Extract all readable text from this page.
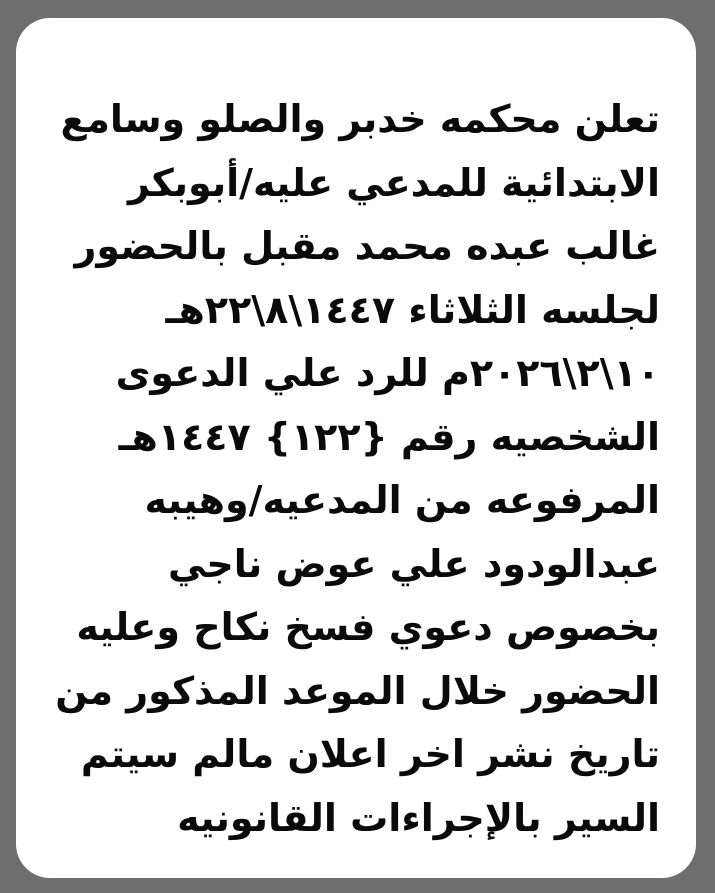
تعلن محكمه خدبر والصلو وسامع
الابتدائية للمدعي عليه/أبوبكر
غالب عبده محمد مقبل بالحضور
لجلسه الثلاثاء ١٤٤٧\٨\٢٢هـ
١٠\٢\٢٠٢٦م للرد علي الدعوى
الشخصيه رقم {١٢٢} ١٤٤٧هـ
المرفوعه من المدعيه/وهيبه
عبدالودود علي عوض ناجي
بخصوص دعوي فسخ نكاح وعليه
الحضور خلال الموعد المذكور من
تاريخ نشر اخر اعلان مالم سيتم
السير بالإجراءات القانونيه
